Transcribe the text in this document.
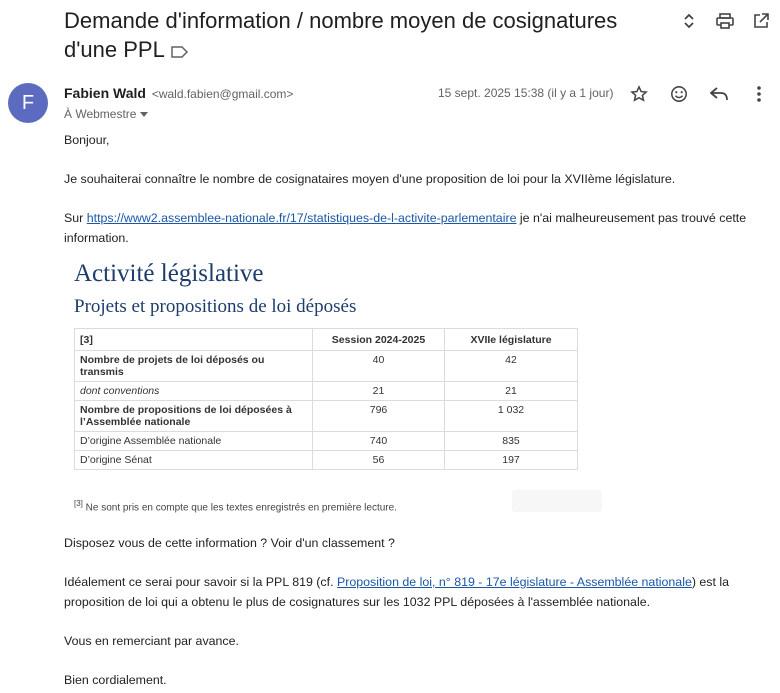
Demande d'information / nombre moyen de cosignatures d'une PPL
F Fabien Wald <wald.fabien@gmail.com>
À Webmestre
15 sept. 2025 15:38 (il y a 1 jour)

Bonjour,

Je souhaiterai connaître le nombre de cosignataires moyen d'une proposition de loi pour la XVIIème législature.

Sur https://www2.assemblee-nationale.fr/17/statistiques-de-l-activite-parlementaire je n'ai malheureusement pas trouvé cette information.

Activité législative
Projets et propositions de loi déposés
[3]	Session 2024-2025	XVIIe législature
Nombre de projets de loi déposés ou transmis	40	42
dont conventions	21	21
Nombre de propositions de loi déposées à l’Assemblée nationale	796	1 032
D’origine Assemblée nationale	740	835
D’origine Sénat	56	197
[3] Ne sont pris en compte que les textes enregistrés en première lecture.

Disposez vous de cette information ? Voir d'un classement ?

Idéalement ce serai pour savoir si la PPL 819 (cf. Proposition de loi, n° 819 - 17e législature - Assemblée nationale) est la proposition de loi qui a obtenu le plus de cosignatures sur les 1032 PPL déposées à l'assemblée nationale.

Vous en remerciant par avance.

Bien cordialement.
